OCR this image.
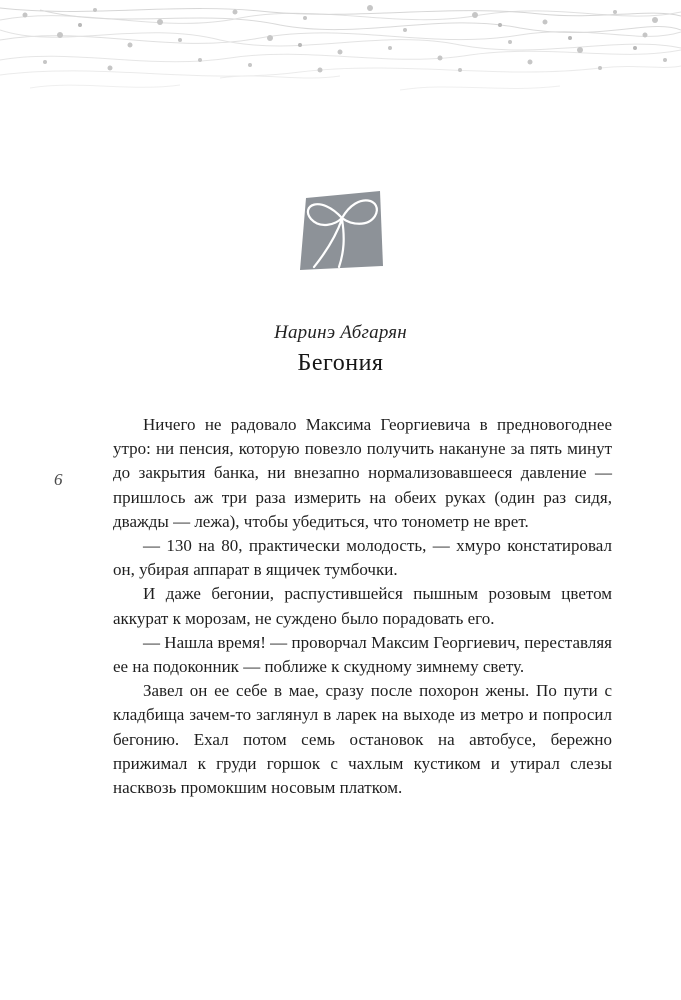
Наринэ Абгарян
Бегония

Ничего не радовало Максима Георгиевича в предновогоднее утро: ни пенсия, которую повезло получить накануне за пять минут до закрытия банка, ни внезапно нормализовавшееся давление — пришлось аж три раза измерить на обеих руках (один раз сидя, дважды — лежа), чтобы убедиться, что тонометр не врет.

— 130 на 80, практически молодость, — хмуро констатировал он, убирая аппарат в ящичек тумбочки.

И даже бегонии, распустившейся пышным розовым цветом аккурат к морозам, не суждено было порадовать его.

— Нашла время! — проворчал Максим Георгиевич, переставляя ее на подоконник — поближе к скудному зимнему свету.

Завел он ее себе в мае, сразу после похорон жены. По пути с кладбища зачем-то заглянул в ларек на выходе из метро и попросил бегонию. Ехал потом семь остановок на автобусе, бережно прижимал к груди горшок с чахлым кустиком и утирал слезы насквозь промокшим носовым платком.

6
